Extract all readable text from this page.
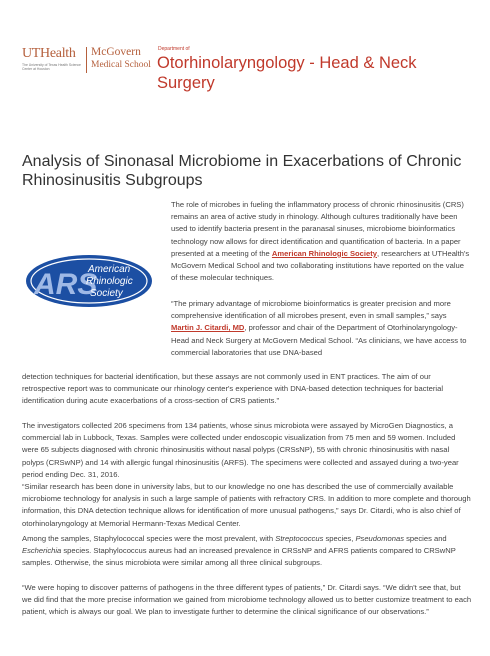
UTHealth
The University of Texas Health Science Center at Houston
McGovern
Medical School
Department of
Otorhinolaryngology - Head & Neck Surgery
Analysis of Sinonasal Microbiome in Exacerbations of Chronic Rhinosinusitis Subgroups
ARS
American
Rhinologic
Society

The role of microbes in fueling the inflammatory process of chronic rhinosinusitis (CRS) remains an area of active study in rhinology. Although cultures traditionally have been used to identify bacteria present in the paranasal sinuses, microbiome bioinformatics technology now allows for direct identification and quantification of bacteria. In a paper presented at a meeting of the American Rhinologic Society, researchers at UTHealth's McGovern Medical School and two collaborating institutions have reported on the value of these molecular techniques.

“The primary advantage of microbiome bioinformatics is greater precision and more comprehensive identification of all microbes present, even in small samples,” says Martin J. Citardi, MD, professor and chair of the Department of Otorhinolaryngology-Head and Neck Surgery at McGovern Medical School. “As clinicians, we have access to commercial laboratories that use DNA-based

detection techniques for bacterial identification, but these assays are not commonly used in ENT practices. The aim of our retrospective report was to communicate our rhinology center's experience with DNA-based detection techniques for bacterial identification during acute exacerbations of a cross-section of CRS patients.”

The investigators collected 206 specimens from 134 patients, whose sinus microbiota were assayed by MicroGen Diagnostics, a commercial lab in Lubbock, Texas. Samples were collected under endoscopic visualization from 75 men and 59 women. Included were 65 subjects diagnosed with chronic rhinosinusitis without nasal polyps (CRSsNP), 55 with chronic rhinosinusitis with nasal polyps (CRSwNP) and 14 with allergic fungal rhinosinusitis (ARFS). The specimens were collected and assayed during a two-year period ending Dec. 31, 2016.

“Similar research has been done in university labs, but to our knowledge no one has described the use of commercially available microbiome technology for analysis in such a large sample of patients with refractory CRS. In addition to more complete and thorough information, this DNA detection technique allows for identification of more unusual pathogens,” says Dr. Citardi, who is also chief of otorhinolaryngology at Memorial Hermann-Texas Medical Center.

Among the samples, Staphylococcal species were the most prevalent, with Streptococcus species, Pseudomonas species and Escherichia species. Staphylococcus aureus had an increased prevalence in CRSsNP and AFRS patients compared to CRSwNP samples. Otherwise, the sinus microbiota were similar among all three clinical subgroups.

“We were hoping to discover patterns of pathogens in the three different types of patients,” Dr. Citardi says. “We didn't see that, but we did find that the more precise information we gained from microbiome technology allowed us to better customize treatment to each patient, which is always our goal. We plan to investigate further to determine the clinical significance of our observations.”
